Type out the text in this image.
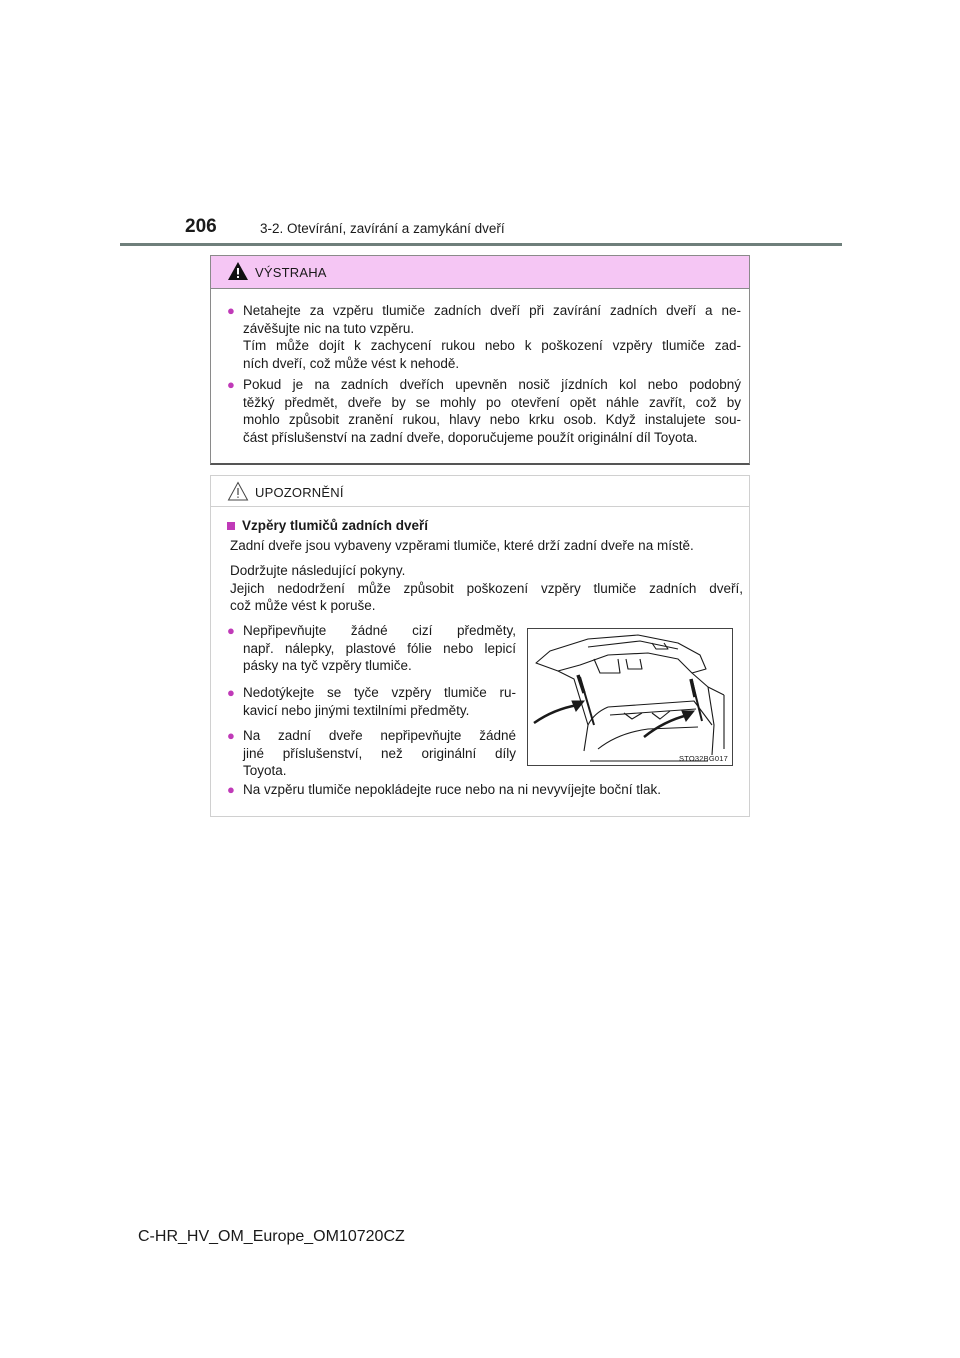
206	3-2. Otevírání, zavírání a zamykání dveří
VÝSTRAHA
● Netahejte za vzpěru tlumiče zadních dveří při zavírání zadních dveří a ne-
závěšujte nic na tuto vzpěru.
Tím může dojít k zachycení rukou nebo k poškození vzpěry tlumiče zad-
ních dveří, což může vést k nehodě.
● Pokud je na zadních dveřích upevněn nosič jízdních kol nebo podobný
těžký předmět, dveře by se mohly po otevření opět náhle zavřít, což by
mohlo způsobit zranění rukou, hlavy nebo krku osob. Když instalujete sou-
část příslušenství na zadní dveře, doporučujeme použít originální díl Toyota.
UPOZORNĚNÍ
Vzpěry tlumičů zadních dveří
Zadní dveře jsou vybaveny vzpěrami tlumiče, které drží zadní dveře na místě.
Dodržujte následující pokyny.
Jejich nedodržení může způsobit poškození vzpěry tlumiče zadních dveří,
což může vést k poruše.
● Nepřipevňujte žádné cizí předměty,
např. nálepky, plastové fólie nebo lepicí
pásky na tyč vzpěry tlumiče.
● Nedotýkejte se tyče vzpěry tlumiče ru-
kavicí nebo jinými textilními předměty.
● Na zadní dveře nepřipevňujte žádné
jiné příslušenství, než originální díly
Toyota.
● Na vzpěru tlumiče nepokládejte ruce nebo na ni nevyvíjejte boční tlak.
STO32BG017
C-HR_HV_OM_Europe_OM10720CZ
